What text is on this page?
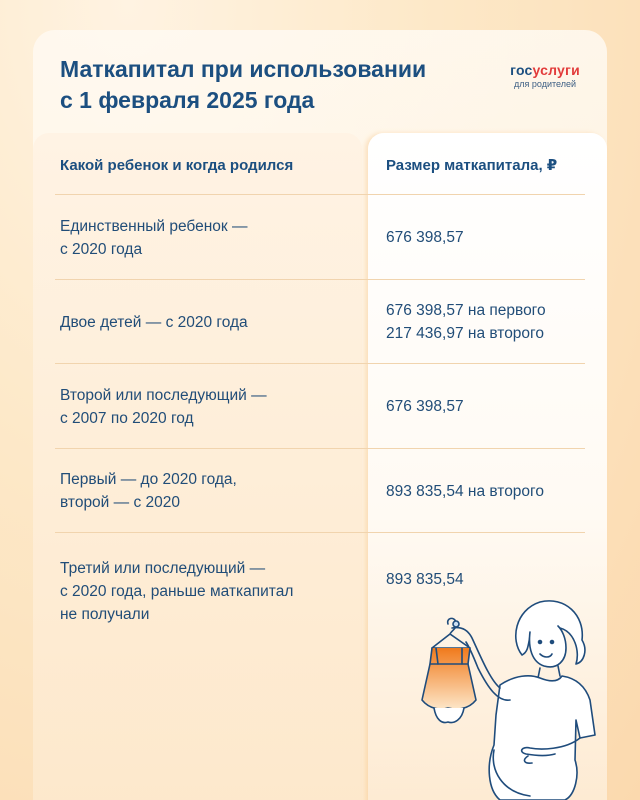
Маткапитал при использовании
с 1 февраля 2025 года
госуслуги
для родителей
Какой ребенок и когда родился	Размер маткапитала, ₽
Единственный ребенок —
с 2020 года
676 398,57
Двое детей — с 2020 года
676 398,57 на первого
217 436,97 на второго
Второй или последующий —
с 2007 по 2020 год
676 398,57
Первый — до 2020 года,
второй — с 2020
893 835,54 на второго
Третий или последующий —
с 2020 года, раньше маткапитал
не получали
893 835,54
